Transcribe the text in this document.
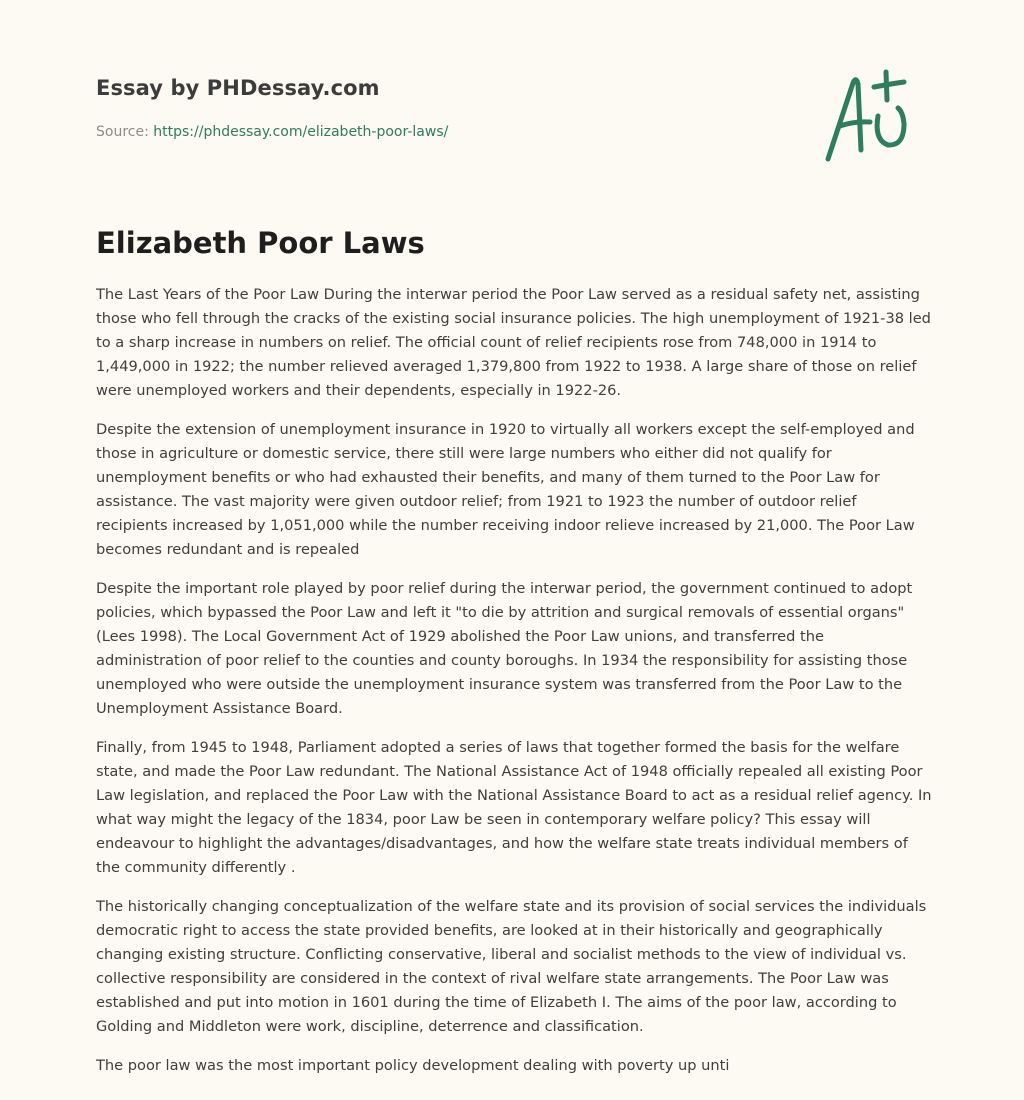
Essay by PHDessay.com
Source: https://phdessay.com/elizabeth-poor-laws/
Elizabeth Poor Laws

The Last Years of the Poor Law During the interwar period the Poor Law served as a residual safety net, assisting those who fell through the cracks of the existing social insurance policies. The high unemployment of 1921-38 led to a sharp increase in numbers on relief. The official count of relief recipients rose from 748,000 in 1914 to 1,449,000 in 1922; the number relieved averaged 1,379,800 from 1922 to 1938. A large share of those on relief were unemployed workers and their dependents, especially in 1922-26.

Despite the extension of unemployment insurance in 1920 to virtually all workers except the self-employed and those in agriculture or domestic service, there still were large numbers who either did not qualify for unemployment benefits or who had exhausted their benefits, and many of them turned to the Poor Law for assistance. The vast majority were given outdoor relief; from 1921 to 1923 the number of outdoor relief recipients increased by 1,051,000 while the number receiving indoor relieve increased by 21,000. The Poor Law becomes redundant and is repealed

Despite the important role played by poor relief during the interwar period, the government continued to adopt policies, which bypassed the Poor Law and left it "to die by attrition and surgical removals of essential organs" (Lees 1998). The Local Government Act of 1929 abolished the Poor Law unions, and transferred the administration of poor relief to the counties and county boroughs. In 1934 the responsibility for assisting those unemployed who were outside the unemployment insurance system was transferred from the Poor Law to the Unemployment Assistance Board.

Finally, from 1945 to 1948, Parliament adopted a series of laws that together formed the basis for the welfare state, and made the Poor Law redundant. The National Assistance Act of 1948 officially repealed all existing Poor Law legislation, and replaced the Poor Law with the National Assistance Board to act as a residual relief agency. In what way might the legacy of the 1834, poor Law be seen in contemporary welfare policy? This essay will endeavour to highlight the advantages/disadvantages, and how the welfare state treats individual members of the community differently .

The historically changing conceptualization of the welfare state and its provision of social services the individuals democratic right to access the state provided benefits, are looked at in their historically and geographically changing existing structure. Conflicting conservative, liberal and socialist methods to the view of individual vs. collective responsibility are considered in the context of rival welfare state arrangements. The Poor Law was established and put into motion in 1601 during the time of Elizabeth I. The aims of the poor law, according to Golding and Middleton were work, discipline, deterrence and classification.

The poor law was the most important policy development dealing with poverty up unti
